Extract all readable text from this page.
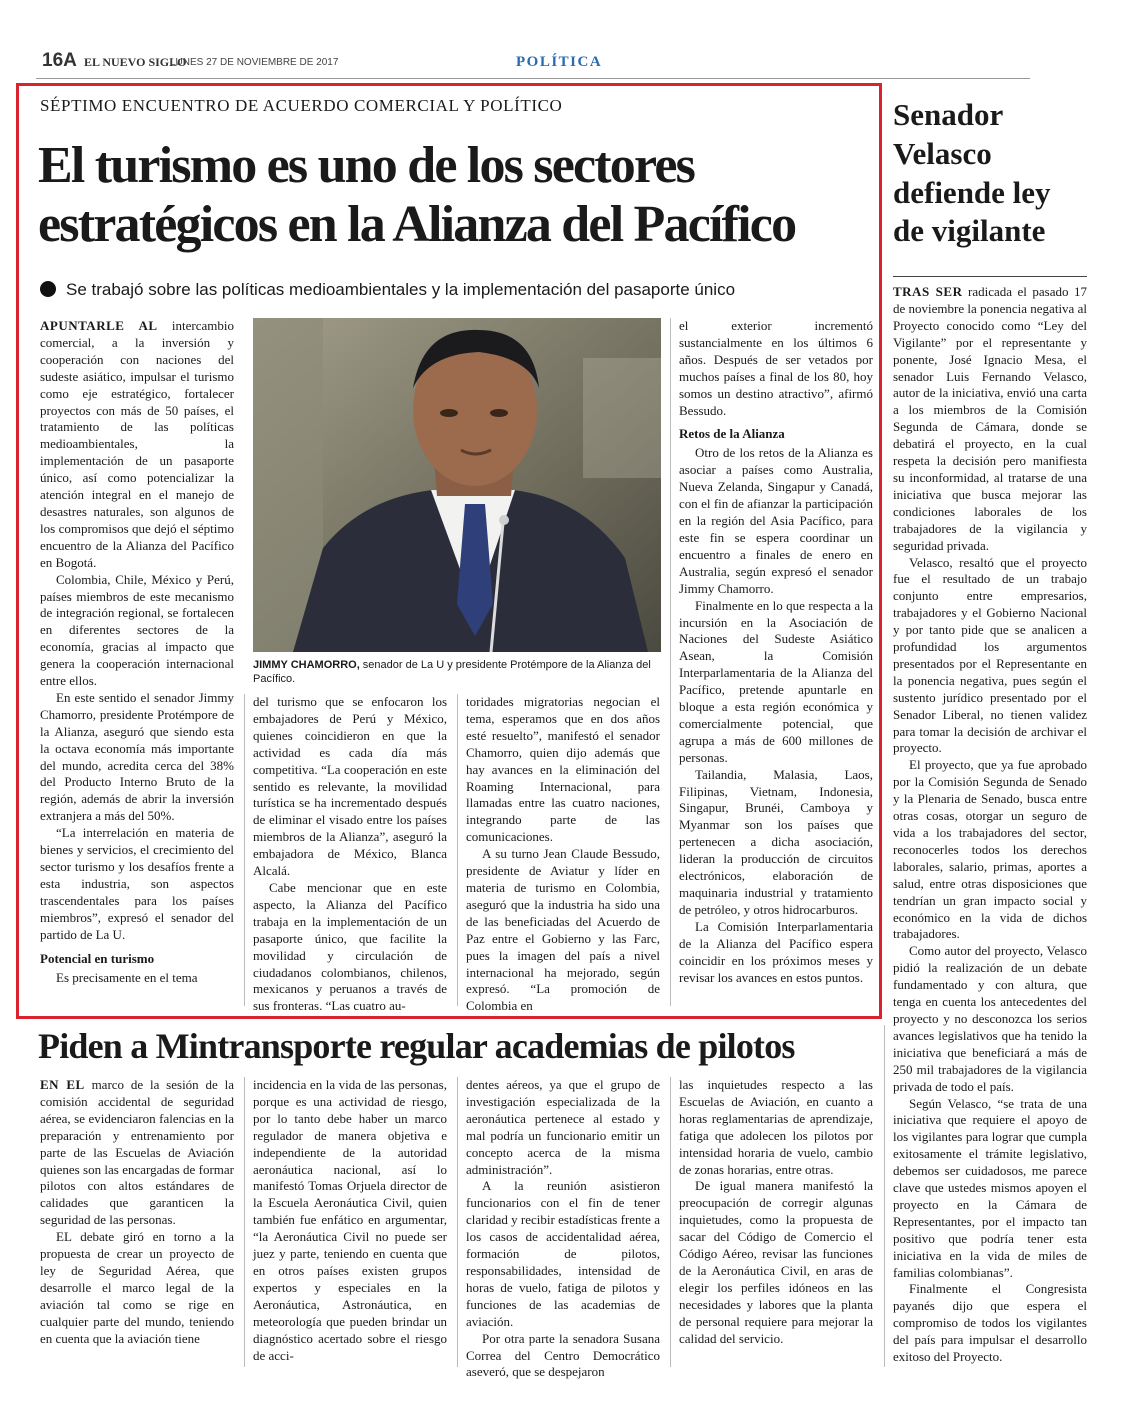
16A EL NUEVO SIGLO
LUNES 27 DE NOVIEMBRE DE 2017	POLÍTICA
SÉPTIMO ENCUENTRO DE ACUERDO COMERCIAL Y POLÍTICO
El turismo es uno de los sectores
estratégicos en la Alianza del Pacífico
Se trabajó sobre las políticas medioambientales y la implementación del pasaporte único

APUNTARLE AL intercambio comercial, a la inversión y cooperación con naciones del sudeste asiático, impulsar el turismo como eje estratégico, fortalecer proyectos con más de 50 países, el tratamiento de las políticas medioambientales, la implementación de un pasaporte único, así como potencializar la atención integral en el manejo de desastres naturales, son algunos de los compromisos que dejó el séptimo encuentro de la Alianza del Pacífico en Bogotá.

Colombia, Chile, México y Perú, países miembros de este mecanismo de integración regional, se fortalecen en diferentes sectores de la economía, gracias al impacto que genera la cooperación internacional entre ellos.

En este sentido el senador Jimmy Chamorro, presidente Protémpore de la Alianza, aseguró que siendo esta la octava economía más importante del mundo, acredita cerca del 38% del Producto Interno Bruto de la región, además de abrir la inversión extranjera a más del 50%.

“La interrelación en materia de bienes y servicios, el crecimiento del sector turismo y los desafíos frente a esta industria, son aspectos trascendentales para los países miembros”, expresó el senador del partido de La U.

Potencial en turismo

Es precisamente en el tema

JIMMY CHAMORRO, senador de La U y presidente Protémpore de la Alianza del Pacífico.

del turismo que se enfocaron los embajadores de Perú y México, quienes coincidieron en que la actividad es cada día más competitiva. “La cooperación en este sentido es relevante, la movilidad turística se ha incrementado después de eliminar el visado entre los países miembros de la Alianza”, aseguró la embajadora de México, Blanca Alcalá.

Cabe mencionar que en este aspecto, la Alianza del Pacífico trabaja en la implementación de un pasaporte único, que facilite la movilidad y circulación de ciudadanos colombianos, chilenos, mexicanos y peruanos a través de sus fronteras. “Las cuatro au-

toridades migratorias negocian el tema, esperamos que en dos años esté resuelto”, manifestó el senador Chamorro, quien dijo además que hay avances en la eliminación del Roaming Internacional, para llamadas entre las cuatro naciones, integrando parte de las comunicaciones.

A su turno Jean Claude Bessudo, presidente de Aviatur y líder en materia de turismo en Colombia, aseguró que la industria ha sido una de las beneficiadas del Acuerdo de Paz entre el Gobierno y las Farc, pues la imagen del país a nivel internacional ha mejorado, según expresó. “La promoción de Colombia en

el exterior incrementó sustancialmente en los últimos 6 años. Después de ser vetados por muchos países a final de los 80, hoy somos un destino atractivo”, afirmó Bessudo.

Retos de la Alianza

Otro de los retos de la Alianza es asociar a países como Australia, Nueva Zelanda, Singapur y Canadá, con el fin de afianzar la participación en la región del Asia Pacífico, para este fin se espera coordinar un encuentro a finales de enero en Australia, según expresó el senador Jimmy Chamorro.

Finalmente en lo que respecta a la incursión en la Asociación de Naciones del Sudeste Asiático Asean, la Comisión Interparlamentaria de la Alianza del Pacífico, pretende apuntarle en bloque a esta región económica y comercialmente potencial, que agrupa a más de 600 millones de personas.

Tailandia, Malasia, Laos, Filipinas, Vietnam, Indonesia, Singapur, Brunéi, Camboya y Myanmar son los países que pertenecen a dicha asociación, lideran la producción de circuitos electrónicos, elaboración de maquinaria industrial y tratamiento de petróleo, y otros hidrocarburos.

La Comisión Interparlamentaria de la Alianza del Pacífico espera coincidir en los próximos meses y revisar los avances en estos puntos.

Senador
Velasco
defiende ley
de vigilante

TRAS SER radicada el pasado 17 de noviembre la ponencia negativa al Proyecto conocido como “Ley del Vigilante” por el representante y ponente, José Ignacio Mesa, el senador Luis Fernando Velasco, autor de la iniciativa, envió una carta a los miembros de la Comisión Segunda de Cámara, donde se debatirá el proyecto, en la cual respeta la decisión pero manifiesta su inconformidad, al tratarse de una iniciativa que busca mejorar las condiciones laborales de los trabajadores de la vigilancia y seguridad privada.

Velasco, resaltó que el proyecto fue el resultado de un trabajo conjunto entre empresarios, trabajadores y el Gobierno Nacional y por tanto pide que se analicen a profundidad los argumentos presentados por el Representante en la ponencia negativa, pues según el sustento jurídico presentado por el Senador Liberal, no tienen validez para tomar la decisión de archivar el proyecto.

El proyecto, que ya fue aprobado por la Comisión Segunda de Senado y la Plenaria de Senado, busca entre otras cosas, otorgar un seguro de vida a los trabajadores del sector, reconocerles todos los derechos laborales, salario, primas, aportes a salud, entre otras disposiciones que tendrían un gran impacto social y económico en la vida de dichos trabajadores.

Como autor del proyecto, Velasco pidió la realización de un debate fundamentado y con altura, que tenga en cuenta los antecedentes del proyecto y no desconozca los serios avances legislativos que ha tenido la iniciativa que beneficiará a más de 250 mil trabajadores de la vigilancia privada de todo el país.

Según Velasco, “se trata de una iniciativa que requiere el apoyo de los vigilantes para lograr que cumpla exitosamente el trámite legislativo, debemos ser cuidadosos, me parece clave que ustedes mismos apoyen el proyecto en la Cámara de Representantes, por el impacto tan positivo que podría tener esta iniciativa en la vida de miles de familias colombianas”.

Finalmente el Congresista payanés dijo que espera el compromiso de todos los vigilantes del país para impulsar el desarrollo exitoso del Proyecto.

Piden a Mintransporte regular academias de pilotos

EN EL marco de la sesión de la comisión accidental de seguridad aérea, se evidenciaron falencias en la preparación y entrenamiento por parte de las Escuelas de Aviación quienes son las encargadas de formar pilotos con altos estándares de calidades que garanticen la seguridad de las personas.

EL debate giró en torno a la propuesta de crear un proyecto de ley de Seguridad Aérea, que desarrolle el marco legal de la aviación tal como se rige en cualquier parte del mundo, teniendo en cuenta que la aviación tiene

incidencia en la vida de las personas, porque es una actividad de riesgo, por lo tanto debe haber un marco regulador de manera objetiva e independiente de la autoridad aeronáutica nacional, así lo manifestó Tomas Orjuela director de la Escuela Aeronáutica Civil, quien también fue enfático en argumentar, “la Aeronáutica Civil no puede ser juez y parte, teniendo en cuenta que en otros países existen grupos expertos y especiales en la Aeronáutica, Astronáutica, en meteorología que pueden brindar un diagnóstico acertado sobre el riesgo de acci-

dentes aéreos, ya que el grupo de investigación especializada de la aeronáutica pertenece al estado y mal podría un funcionario emitir un concepto acerca de la misma administración”.

A la reunión asistieron funcionarios con el fin de tener claridad y recibir estadísticas frente a los casos de accidentalidad aérea, formación de pilotos, responsabilidades, intensidad de horas de vuelo, fatiga de pilotos y funciones de las academias de aviación.

Por otra parte la senadora Susana Correa del Centro Democrático aseveró, que se despejaron

las inquietudes respecto a las Escuelas de Aviación, en cuanto a horas reglamentarias de aprendizaje, fatiga que adolecen los pilotos por intensidad horaria de vuelo, cambio de zonas horarias, entre otras.

De igual manera manifestó la preocupación de corregir algunas inquietudes, como la propuesta de sacar del Código de Comercio el Código Aéreo, revisar las funciones de la Aeronáutica Civil, en aras de elegir los perfiles idóneos en las necesidades y labores que la planta de personal requiere para mejorar la calidad del servicio.
